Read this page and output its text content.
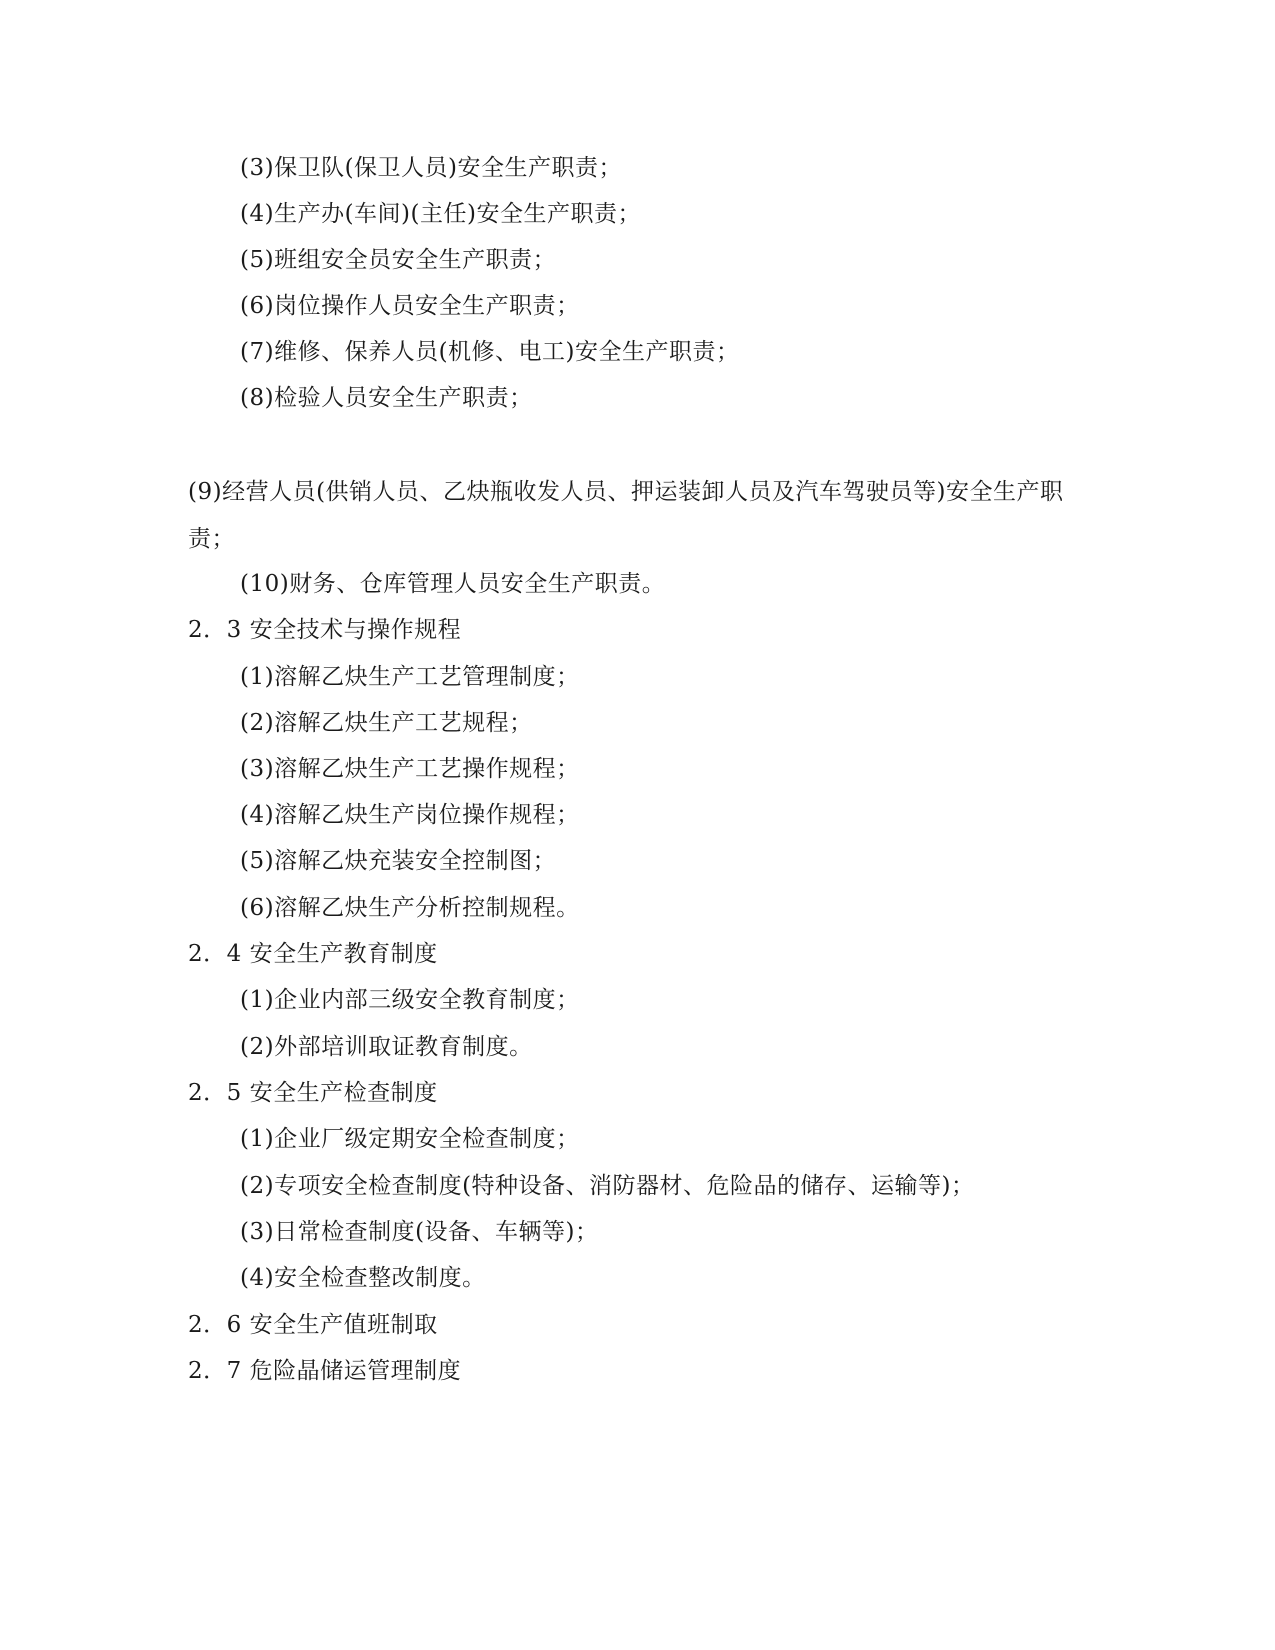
(3)保卫队(保卫人员)安全生产职责；
(4)生产办(车间)(主任)安全生产职责；
(5)班组安全员安全生产职责；
(6)岗位操作人员安全生产职责；
(7)维修、保养人员(机修、电工)安全生产职责；
(8)检验人员安全生产职责；
(9)经营人员(供销人员、乙炔瓶收发人员、押运装卸人员及汽车驾驶员等)安全生产职责；
(10)财务、仓库管理人员安全生产职责。
2．3 安全技术与操作规程
(1)溶解乙炔生产工艺管理制度；
(2)溶解乙炔生产工艺规程；
(3)溶解乙炔生产工艺操作规程；
(4)溶解乙炔生产岗位操作规程；
(5)溶解乙炔充装安全控制图；
(6)溶解乙炔生产分析控制规程。
2．4 安全生产教育制度
(1)企业内部三级安全教育制度；
(2)外部培训取证教育制度。
2．5 安全生产检查制度
(1)企业厂级定期安全检查制度；
(2)专项安全检查制度(特种设备、消防器材、危险品的储存、运输等)；
(3)日常检查制度(设备、车辆等)；
(4)安全检查整改制度。
2．6 安全生产值班制取
2．7 危险晶储运管理制度
